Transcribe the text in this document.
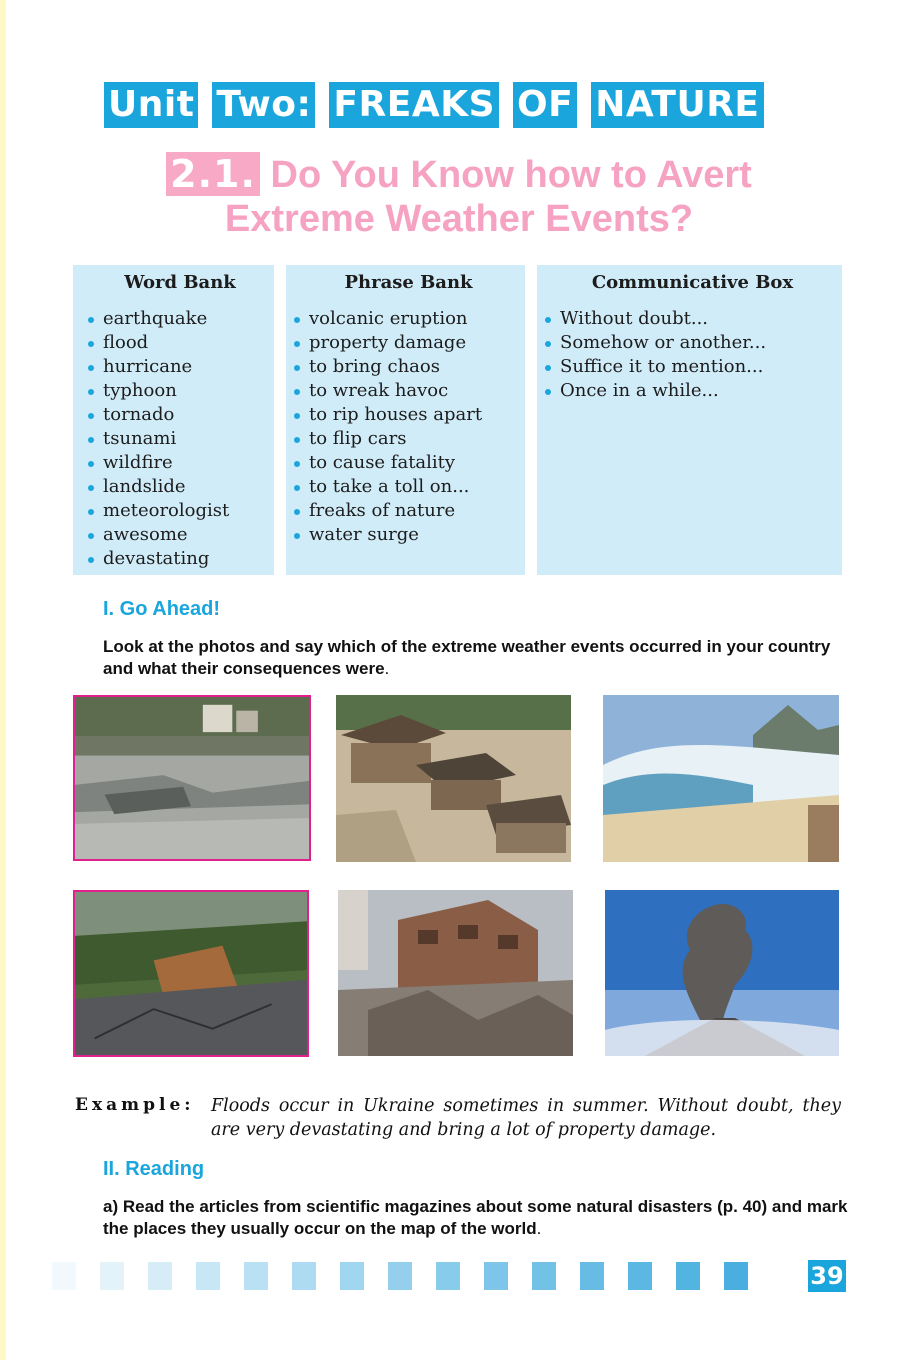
Unit Two: FREAKS OF NATURE
2.1. Do You Know how to Avert
Extreme Weather Events?
Word Bank
earthquake
flood
hurricane
typhoon
tornado
tsunami
wildfire
landslide
meteorologist
awesome
devastating
Phrase Bank
volcanic eruption
property damage
to bring chaos
to wreak havoc
to rip houses apart
to flip cars
to cause fatality
to take a toll on...
freaks of nature
water surge
Communicative Box
Without doubt...
Somehow or another...
Suffice it to mention...
Once in a while...
I. Go Ahead!
Look at the photos and say which of the extreme weather events occurred in your country and what their consequences were.
Example: Floods occur in Ukraine sometimes in summer. Without doubt, they are very devastating and bring a lot of property damage.
II. Reading
a) Read the articles from scientific magazines about some natural disasters (p. 40) and mark the places they usually occur on the map of the world.
39
